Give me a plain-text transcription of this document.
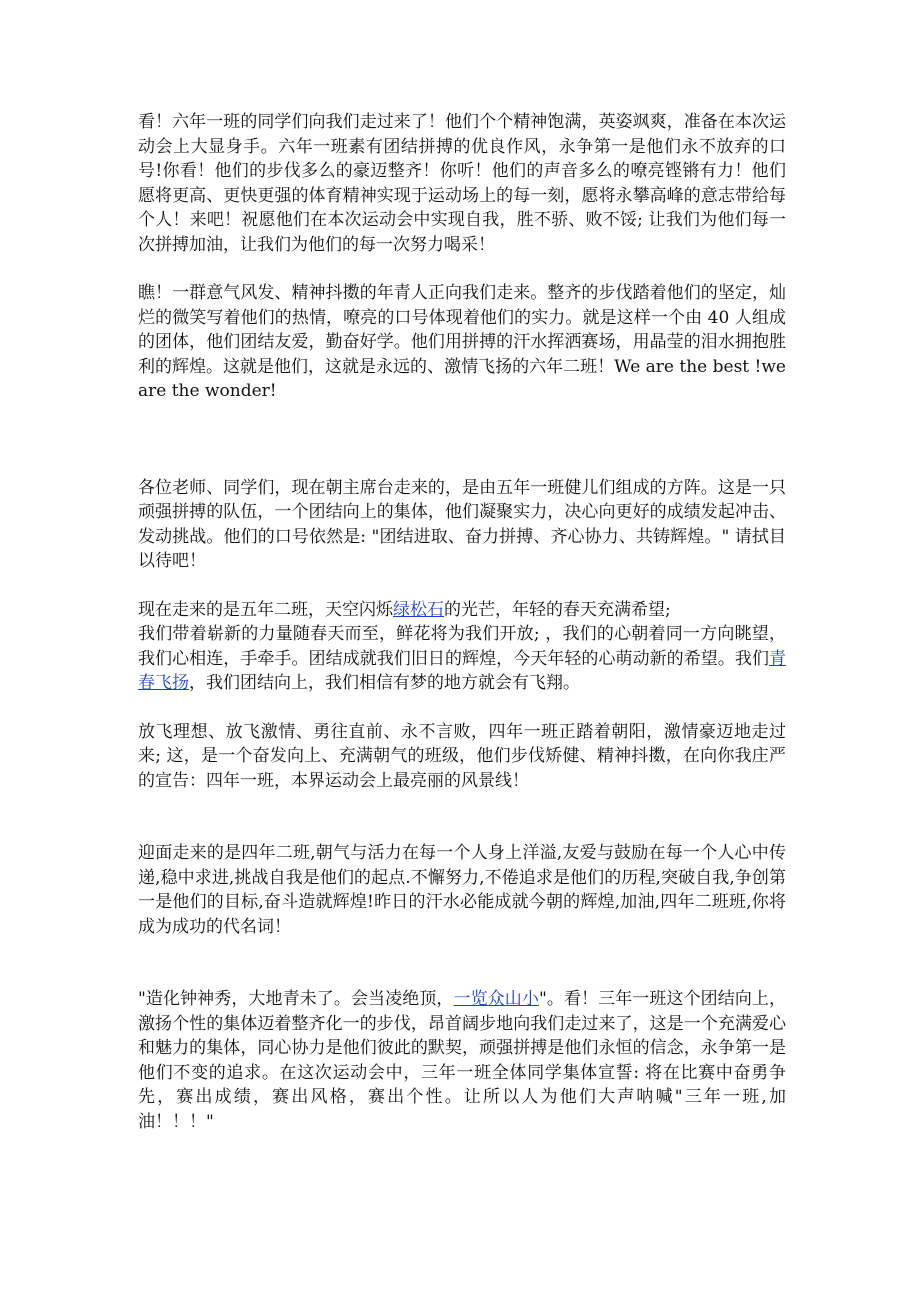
看！六年一班的同学们向我们走过来了！他们个个精神饱满，英姿飒爽，准备在本次运动会上大显身手。六年一班素有团结拼搏的优良作风，永争第一是他们永不放弃的口号!你看！他们的步伐多么的豪迈整齐！你听！他们的声音多么的嘹亮铿锵有力！他们愿将更高、更快更强的体育精神实现于运动场上的每一刻，愿将永攀高峰的意志带给每个人！来吧！祝愿他们在本次运动会中实现自我，胜不骄、败不馁; 让我们为他们每一次拼搏加油，让我们为他们的每一次努力喝采！

瞧！一群意气风发、精神抖擞的年青人正向我们走来。整齐的步伐踏着他们的坚定，灿烂的微笑写着他们的热情，嘹亮的口号体现着他们的实力。就是这样一个由 40 人组成的团体，他们团结友爱，勤奋好学。他们用拼搏的汗水挥洒赛场，用晶莹的泪水拥抱胜利的辉煌。这就是他们，这就是永远的、激情飞扬的六年二班！We are the best !we are the wonder!

各位老师、同学们，现在朝主席台走来的，是由五年一班健儿们组成的方阵。这是一只顽强拼搏的队伍，一个团结向上的集体，他们凝聚实力，决心向更好的成绩发起冲击、发动挑战。他们的口号依然是: "团结进取、奋力拼搏、齐心协力、共铸辉煌。" 请拭目以待吧！

现在走来的是五年二班，天空闪烁绿松石的光芒，年轻的春天充满希望;
我们带着崭新的力量随春天而至，鲜花将为我们开放; ，我们的心朝着同一方向眺望，我们心相连，手牵手。团结成就我们旧日的辉煌，今天年轻的心萌动新的希望。我们青春飞扬，我们团结向上，我们相信有梦的地方就会有飞翔。

放飞理想、放飞激情、勇往直前、永不言败，四年一班正踏着朝阳，激情豪迈地走过来; 这，是一个奋发向上、充满朝气的班级，他们步伐矫健、精神抖擞，在向你我庄严的宣告：四年一班，本界运动会上最亮丽的风景线！

迎面走来的是四年二班,朝气与活力在每一个人身上洋溢,友爱与鼓励在每一个人心中传递,稳中求进,挑战自我是他们的起点.不懈努力,不倦追求是他们的历程,突破自我,争创第一是他们的目标,奋斗造就辉煌!昨日的汗水必能成就今朝的辉煌,加油,四年二班班,你将成为成功的代名词！

"造化钟神秀，大地青未了。会当凌绝顶，一览众山小"。看！三年一班这个团结向上，激扬个性的集体迈着整齐化一的步伐，昂首阔步地向我们走过来了，这是一个充满爱心和魅力的集体，同心协力是他们彼此的默契，顽强拼搏是他们永恒的信念，永争第一是他们不变的追求。在这次运动会中，三年一班全体同学集体宣誓: 将在比赛中奋勇争先，赛出成绩，赛出风格，赛出个性。让所以人为他们大声呐喊"三年一班,加油！！！"
